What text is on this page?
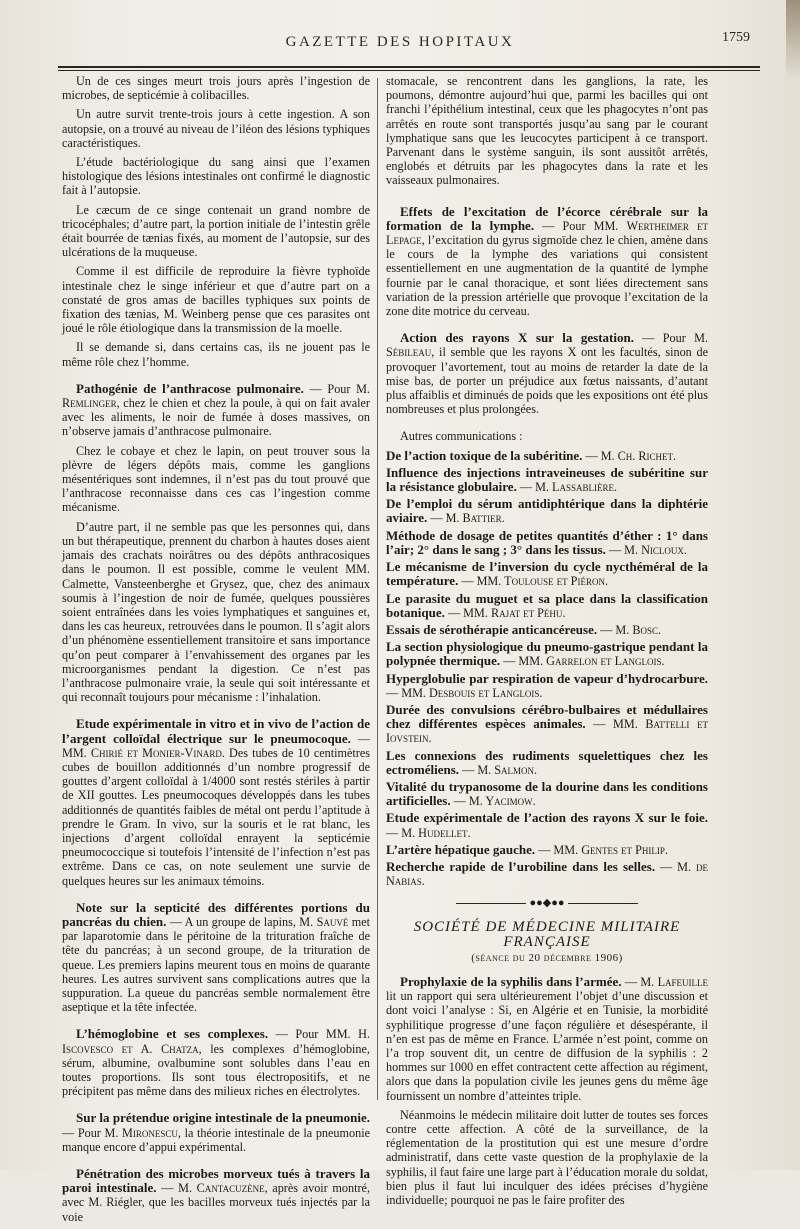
GAZETTE DES HOPITAUX	1759

Un de ces singes meurt trois jours après l’ingestion de microbes, de septicémie à colibacilles.

Un autre survit trente-trois jours à cette ingestion. A son autopsie, on a trouvé au niveau de l’iléon des lésions typhiques caractéristiques.

L’étude bactériologique du sang ainsi que l’examen histologique des lésions intestinales ont confirmé le diagnostic fait à l’autopsie.

Le cæcum de ce singe contenait un grand nombre de tricocéphales; d’autre part, la portion initiale de l’intestin grêle était bourrée de tænias fixés, au moment de l’autopsie, sur des ulcérations de la muqueuse.

Comme il est difficile de reproduire la fièvre typhoïde intestinale chez le singe inférieur et que d’autre part on a constaté de gros amas de bacilles typhiques sux points de fixation des tænias, M. Weinberg pense que ces parasites ont joué le rôle étiologique dans la transmission de la moelle.

Il se demande si, dans certains cas, ils ne jouent pas le même rôle chez l’homme.

Pathogénie de l’anthracose pulmonaire. — Pour M. Remlinger, chez le chien et chez la poule, à qui on fait avaler avec les aliments, le noir de fumée à doses massives, on n’observe jamais d’anthracose pulmonaire.

Chez le cobaye et chez le lapin, on peut trouver sous la plèvre de légers dépôts mais, comme les ganglions mésentériques sont indemnes, il n’est pas du tout prouvé que l’anthracose reconnaisse dans ces cas l’ingestion comme mécanisme.

D’autre part, il ne semble pas que les personnes qui, dans un but thérapeutique, prennent du charbon à hautes doses aient jamais des crachats noirâtres ou des dépôts anthracosiques dans le poumon. Il est possible, comme le veulent MM. Calmette, Vansteenberghe et Grysez, que, chez des animaux soumis à l’ingestion de noir de fumée, quelques poussières soient entraînées dans les voies lymphatiques et sanguines et, dans les cas heureux, retrouvées dans le poumon. Il s’agit alors d’un phénomène essentiellement transitoire et sans importance qu’on peut comparer à l’envahissement des organes par les microorganismes pendant la digestion. Ce n’est pas l’anthracose pulmonaire vraie, la seule qui soit intéressante et qui reconnaît toujours pour mécanisme : l’inhalation.

Etude expérimentale in vitro et in vivo de l’action de l’argent colloïdal électrique sur le pneumocoque. — MM. Chirié et Monier-Vinard. Des tubes de 10 centimètres cubes de bouillon additionnés d’un nombre progressif de gouttes d’argent colloïdal à 1/4000 sont restés stériles à partir de XII gouttes. Les pneumocoques développés dans les tubes additionnés de quantités faibles de métal ont perdu l’aptitude à prendre le Gram. In vivo, sur la souris et le rat blanc, les injections d’argent colloïdal enrayent la septicémie pneumococcique si toutefois l’intensité de l’infection n’est pas extrême. Dans ce cas, on note seulement une survie de quelques heures sur les animaux témoins.

Note sur la septicité des différentes portions du pancréas du chien. — A un groupe de lapins, M. Sauvé met par laparotomie dans le péritoine de la trituration fraîche de tête du pancréas; à un second groupe, de la trituration de queue. Les premiers lapins meurent tous en moins de quarante heures. Les autres survivent sans complications autres que la suppuration. La queue du pancréas semble normalement être aseptique et la tête infectée.

L’hémoglobine et ses complexes. — Pour MM. H. Iscovesco et A. Chatza, les complexes d’hémoglobine, sérum, albumine, ovalbumine sont solubles dans l’eau en toutes proportions. Ils sont tous électropositifs, et ne précipitent pas même dans des milieux riches en électrolytes.

Sur la prétendue origine intestinale de la pneumonie. — Pour M. Mironescu, la théorie intestinale de la pneumonie manque encore d’appui expérimental.

Pénétration des microbes morveux tués à travers la paroi intestinale. — M. Cantacuzène, après avoir montré, avec M. Riégler, que les bacilles morveux tués injectés par la voie

stomacale, se rencontrent dans les ganglions, la rate, les poumons, démontre aujourd’hui que, parmi les bacilles qui ont franchi l’épithélium intestinal, ceux que les phagocytes n’ont pas arrêtés en route sont transportés jusqu’au sang par le courant lymphatique sans que les leucocytes participent à ce transport. Parvenant dans le système sanguin, ils sont aussitôt arrêtés, englobés et détruits par les phagocytes dans la rate et les vaisseaux pulmonaires.

Effets de l’excitation de l’écorce cérébrale sur la formation de la lymphe. — Pour MM. Wertheimer et Lepage, l’excitation du gyrus sigmoïde chez le chien, amène dans le cours de la lymphe des variations qui consistent essentiellement en une augmentation de la quantité de lymphe fournie par le canal thoracique, et sont liées directement sans variation de la pression artérielle que provoque l’excitation de la zone dite motrice du cerveau.

Action des rayons X sur la gestation. — Pour M. Sébileau, il semble que les rayons X ont les facultés, sinon de provoquer l’avortement, tout au moins de retarder la date de la mise bas, de porter un préjudice aux fœtus naissants, d’autant plus affaiblis et diminués de poids que les expositions ont été plus nombreuses et plus prolongées.

Autres communications :

De l’action toxique de la subéritine. — M. Ch. Richet.

Influence des injections intraveineuses de subéritine sur la résistance globulaire. — M. Lassablière.

De l’emploi du sérum antidiphtérique dans la diphtérie aviaire. — M. Battier.

Méthode de dosage de petites quantités d’éther : 1° dans l’air; 2° dans le sang ; 3° dans les tissus. — M. Nicloux.

Le mécanisme de l’inversion du cycle nycthéméral de la température. — MM. Toulouse et Piéron.

Le parasite du muguet et sa place dans la classification botanique. — MM. Rajat et Péhu.

Essais de sérothérapie anticancéreuse. — M. Bosc.

La section physiologique du pneumo-gastrique pendant la polypnée thermique. — MM. Garrelon et Langlois.

Hyperglobulie par respiration de vapeur d’hydrocarbure. — MM. Desbouis et Langlois.

Durée des convulsions cérébro-bulbaires et médullaires chez différentes espèces animales. — MM. Battelli et Iovstein.

Les connexions des rudiments squelettiques chez les ectroméliens. — M. Salmon.

Vitalité du trypanosome de la dourine dans les conditions artificielles. — M. Yacimow.

Etude expérimentale de l’action des rayons X sur le foie. — M. Hudellet.

L’artère hépatique gauche. — MM. Gentes et Philip.

Recherche rapide de l’urobiline dans les selles. — M. de Nabias.

●●◆●●

SOCIÉTÉ DE MÉDECINE MILITAIRE FRANÇAISE

(séance du 20 décembre 1906)

Prophylaxie de la syphilis dans l’armée. — M. Lafeuille lit un rapport qui sera ultérieurement l’objet d’une discussion et dont voici l’analyse : Si, en Algérie et en Tunisie, la morbidité syphilitique progresse d’une façon régulière et désespérante, il n’en est pas de même en France. L’armée n’est point, comme on l’a trop souvent dit, un centre de diffusion de la syphilis : 2 hommes sur 1000 en effet contractent cette affection au régiment, alors que dans la population civile les jeunes gens du même âge fournissent un nombre d’atteintes triple.

Néanmoins le médecin militaire doit lutter de toutes ses forces contre cette affection. A côté de la surveillance, de la réglementation de la prostitution qui est une mesure d’ordre administratif, dans cette vaste question de la prophylaxie de la syphilis, il faut faire une large part à l’éducation morale du soldat, bien plus il faut lui inculquer des idées précises d’hygiène individuelle; pourquoi ne pas le faire profiter des
